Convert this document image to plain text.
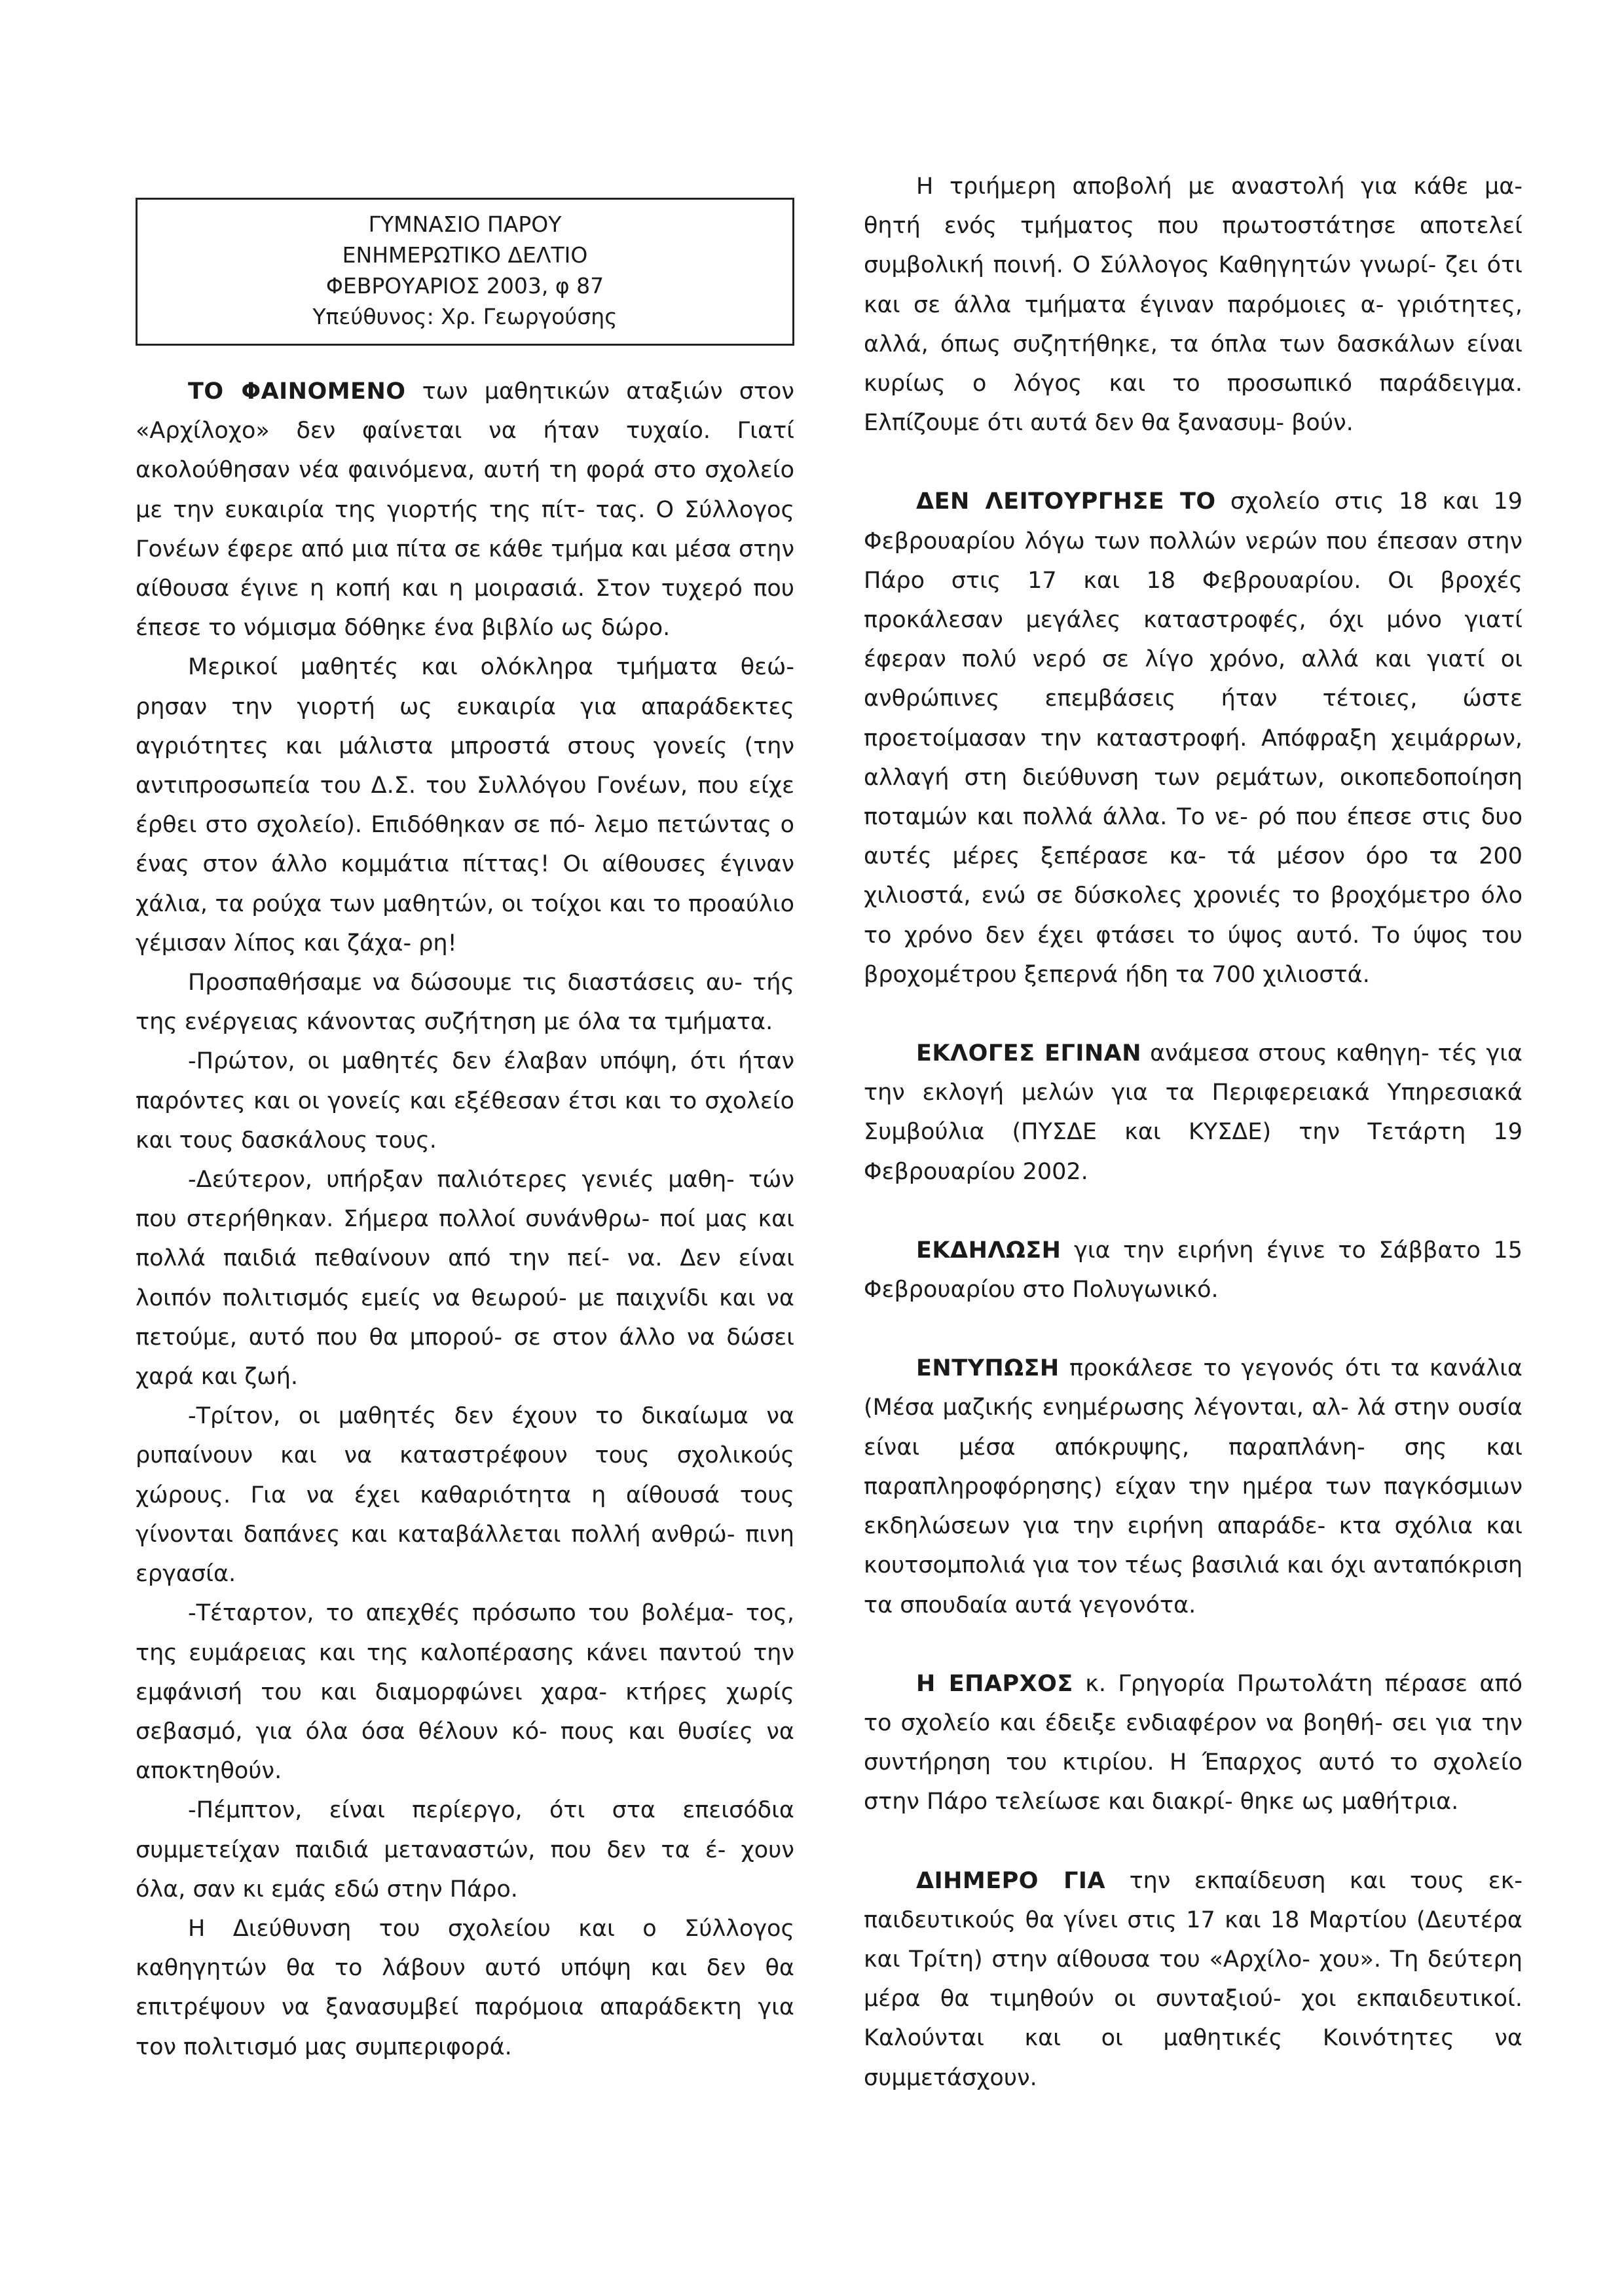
ΓΥΜΝΑΣΙΟ ΠΑΡΟΥ
ΕΝΗΜΕΡΩΤΙΚΟ ΔΕΛΤΙΟ
ΦΕΒΡΟΥΑΡΙΟΣ 2003, φ 87
Υπεύθυνος: Χρ. Γεωργούσης

ΤΟ ΦΑΙΝΟΜΕΝΟ των μαθητικών αταξιών στον «Αρχίλοχο» δεν φαίνεται να ήταν τυχαίο. Γιατί ακολούθησαν νέα φαινόμενα, αυτή τη φορά στο σχολείο με την ευκαιρία της γιορτής της πίτ- τας. Ο Σύλλογος Γονέων έφερε από μια πίτα σε κάθε τμήμα και μέσα στην αίθουσα έγινε η κοπή και η μοιρασιά. Στον τυχερό που έπεσε το νόμισμα δόθηκε ένα βιβλίο ως δώρο.

Μερικοί μαθητές και ολόκληρα τμήματα θεώ- ρησαν την γιορτή ως ευκαιρία για απαράδεκτες αγριότητες και μάλιστα μπροστά στους γονείς (την αντιπροσωπεία του Δ.Σ. του Συλλόγου Γονέων, που είχε έρθει στο σχολείο). Επιδόθηκαν σε πό- λεμο πετώντας ο ένας στον άλλο κομμάτια πίττας! Οι αίθουσες έγιναν χάλια, τα ρούχα των μαθητών, οι τοίχοι και το προαύλιο γέμισαν λίπος και ζάχα- ρη!

Προσπαθήσαμε να δώσουμε τις διαστάσεις αυ- τής της ενέργειας κάνοντας συζήτηση με όλα τα τμήματα.

-Πρώτον, οι μαθητές δεν έλαβαν υπόψη, ότι ήταν παρόντες και οι γονείς και εξέθεσαν έτσι και το σχολείο και τους δασκάλους τους.

-Δεύτερον, υπήρξαν παλιότερες γενιές μαθη- τών που στερήθηκαν. Σήμερα πολλοί συνάνθρω- ποί μας και πολλά παιδιά πεθαίνουν από την πεί- να. Δεν είναι λοιπόν πολιτισμός εμείς να θεωρού- με παιχνίδι και να πετούμε, αυτό που θα μπορού- σε στον άλλο να δώσει χαρά και ζωή.

-Τρίτον, οι μαθητές δεν έχουν το δικαίωμα να ρυπαίνουν και να καταστρέφουν τους σχολικούς χώρους. Για να έχει καθαριότητα η αίθουσά τους γίνονται δαπάνες και καταβάλλεται πολλή ανθρώ- πινη εργασία.

-Τέταρτον, το απεχθές πρόσωπο του βολέμα- τος, της ευμάρειας και της καλοπέρασης κάνει παντού την εμφάνισή του και διαμορφώνει χαρα- κτήρες χωρίς σεβασμό, για όλα όσα θέλουν κό- πους και θυσίες να αποκτηθούν.

-Πέμπτον, είναι περίεργο, ότι στα επεισόδια συμμετείχαν παιδιά μεταναστών, που δεν τα έ- χουν όλα, σαν κι εμάς εδώ στην Πάρο.

Η Διεύθυνση του σχολείου και ο Σύλλογος καθηγητών θα το λάβουν αυτό υπόψη και δεν θα επιτρέψουν να ξανασυμβεί παρόμοια απαράδεκτη για τον πολιτισμό μας συμπεριφορά.

Η τριήμερη αποβολή με αναστολή για κάθε μα- θητή ενός τμήματος που πρωτοστάτησε αποτελεί συμβολική ποινή. Ο Σύλλογος Καθηγητών γνωρί- ζει ότι και σε άλλα τμήματα έγιναν παρόμοιες α- γριότητες, αλλά, όπως συζητήθηκε, τα όπλα των δασκάλων είναι κυρίως ο λόγος και το προσωπικό παράδειγμα. Ελπίζουμε ότι αυτά δεν θα ξανασυμ- βούν.

ΔΕΝ ΛΕΙΤΟΥΡΓΗΣΕ ΤΟ σχολείο στις 18 και 19 Φεβρουαρίου λόγω των πολλών νερών που έπεσαν στην Πάρο στις 17 και 18 Φεβρουαρίου. Οι βροχές προκάλεσαν μεγάλες καταστροφές, όχι μόνο γιατί έφεραν πολύ νερό σε λίγο χρόνο, αλλά και γιατί οι ανθρώπινες επεμβάσεις ήταν τέτοιες, ώστε προετοίμασαν την καταστροφή. Απόφραξη χειμάρρων, αλλαγή στη διεύθυνση των ρεμάτων, οικοπεδοποίηση ποταμών και πολλά άλλα. Το νε- ρό που έπεσε στις δυο αυτές μέρες ξεπέρασε κα- τά μέσον όρο τα 200 χιλιοστά, ενώ σε δύσκολες χρονιές το βροχόμετρο όλο το χρόνο δεν έχει φτάσει το ύψος αυτό. Το ύψος του βροχομέτρου ξεπερνά ήδη τα 700 χιλιοστά.

ΕΚΛΟΓΕΣ ΕΓΙΝΑΝ ανάμεσα στους καθηγη- τές για την εκλογή μελών για τα Περιφερειακά Υπηρεσιακά Συμβούλια (ΠΥΣΔΕ και ΚΥΣΔΕ) την Τετάρτη 19 Φεβρουαρίου 2002.

ΕΚΔΗΛΩΣΗ για την ειρήνη έγινε το Σάββατο 15 Φεβρουαρίου στο Πολυγωνικό.

ΕΝΤΥΠΩΣΗ προκάλεσε το γεγονός ότι τα κανάλια (Μέσα μαζικής ενημέρωσης λέγονται, αλ- λά στην ουσία είναι μέσα απόκρυψης, παραπλάνη- σης και παραπληροφόρησης) είχαν την ημέρα των παγκόσμιων εκδηλώσεων για την ειρήνη απαράδε- κτα σχόλια και κουτσομπολιά για τον τέως βασιλιά και όχι ανταπόκριση τα σπουδαία αυτά γεγονότα.

Η ΕΠΑΡΧΟΣ κ. Γρηγορία Πρωτολάτη πέρασε από το σχολείο και έδειξε ενδιαφέρον να βοηθή- σει για την συντήρηση του κτιρίου. Η Έπαρχος αυτό το σχολείο στην Πάρο τελείωσε και διακρί- θηκε ως μαθήτρια.

ΔΙΗΜΕΡΟ ΓΙΑ την εκπαίδευση και τους εκ- παιδευτικούς θα γίνει στις 17 και 18 Μαρτίου (Δευτέρα και Τρίτη) στην αίθουσα του «Αρχίλο- χου». Τη δεύτερη μέρα θα τιμηθούν οι συνταξιού- χοι εκπαιδευτικοί. Καλούνται και οι μαθητικές Κοινότητες να συμμετάσχουν.
